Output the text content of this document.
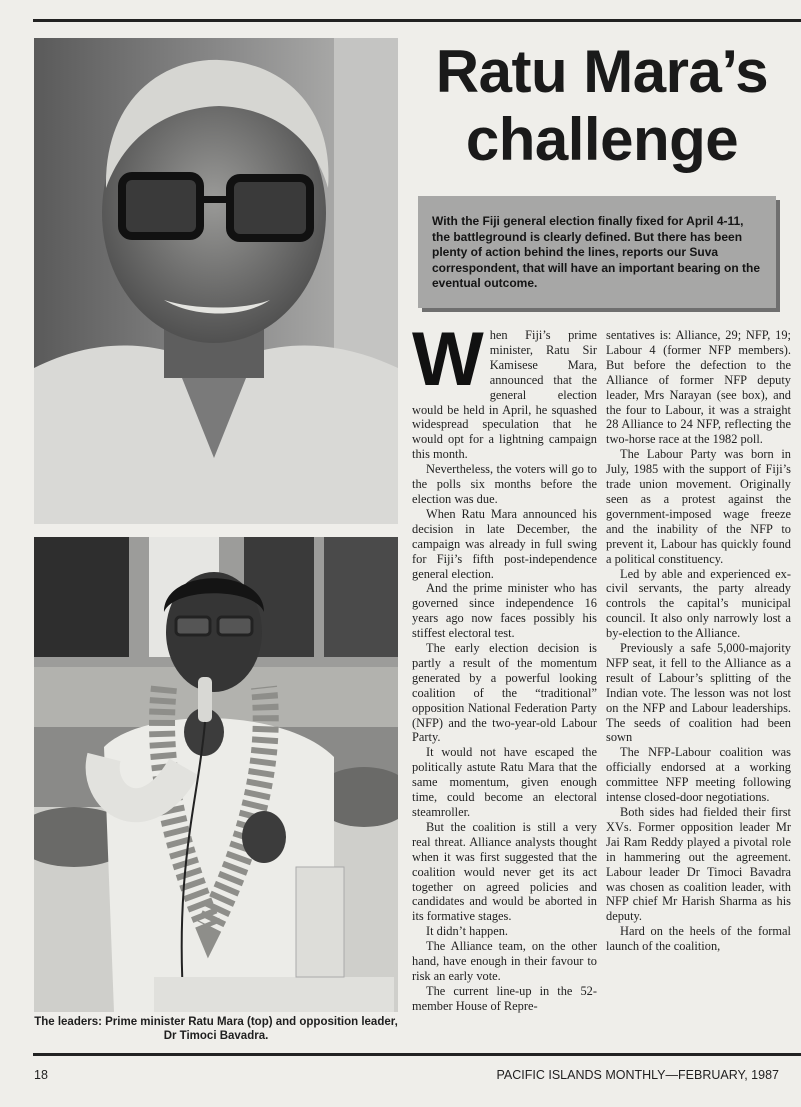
The leaders: Prime minister Ratu Mara (top) and opposition leader, Dr Timoci Bavadra.
Ratu Mara’s
challenge
With the Fiji general election finally fixed for April 4-11, the battleground is clearly defined. But there has been plenty of action behind the lines, reports our Suva correspondent, that will have an important bearing on the eventual outcome.

When Fiji’s prime minister, Ratu Sir Kamisese Mara, announced that the general election would be held in April, he squashed widespread speculation that he would opt for a lightning campaign this month.

Nevertheless, the voters will go to the polls six months before the election was due.

When Ratu Mara announced his decision in late December, the campaign was already in full swing for Fiji’s fifth post-independence general election.

And the prime minister who has governed since independence 16 years ago now faces possibly his stiffest electoral test.

The early election decision is partly a result of the momentum generated by a powerful looking coalition of the “traditional” opposition National Federation Party (NFP) and the two-year-old Labour Party.

It would not have escaped the politically astute Ratu Mara that the same momentum, given enough time, could become an electoral steamroller.

But the coalition is still a very real threat. Alliance analysts thought when it was first suggested that the coalition would never get its act together on agreed policies and candidates and would be aborted in its formative stages.

It didn’t happen.

The Alliance team, on the other hand, have enough in their favour to risk an early vote.

The current line-up in the 52-member House of Repre-

sentatives is: Alliance, 29; NFP, 19; Labour 4 (former NFP members). But before the defection to the Alliance of former NFP deputy leader, Mrs Narayan (see box), and the four to Labour, it was a straight 28 Alliance to 24 NFP, reflecting the two-horse race at the 1982 poll.

The Labour Party was born in July, 1985 with the support of Fiji’s trade union movement. Originally seen as a protest against the government-imposed wage freeze and the inability of the NFP to prevent it, Labour has quickly found a political constituency.

Led by able and experienced ex-civil servants, the party already controls the capital’s municipal council. It also only narrowly lost a by-election to the Alliance.

Previously a safe 5,000-majority NFP seat, it fell to the Alliance as a result of Labour’s splitting of the Indian vote. The lesson was not lost on the NFP and Labour leaderships. The seeds of coalition had been sown

The NFP-Labour coalition was officially endorsed at a working committee NFP meeting following intense closed-door negotiations.

Both sides had fielded their first XVs. Former opposition leader Mr Jai Ram Reddy played a pivotal role in hammering out the agreement. Labour leader Dr Timoci Bavadra was chosen as coalition leader, with NFP chief Mr Harish Sharma as his deputy.

Hard on the heels of the formal launch of the coalition,

18	PACIFIC ISLANDS MONTHLY—FEBRUARY, 1987
